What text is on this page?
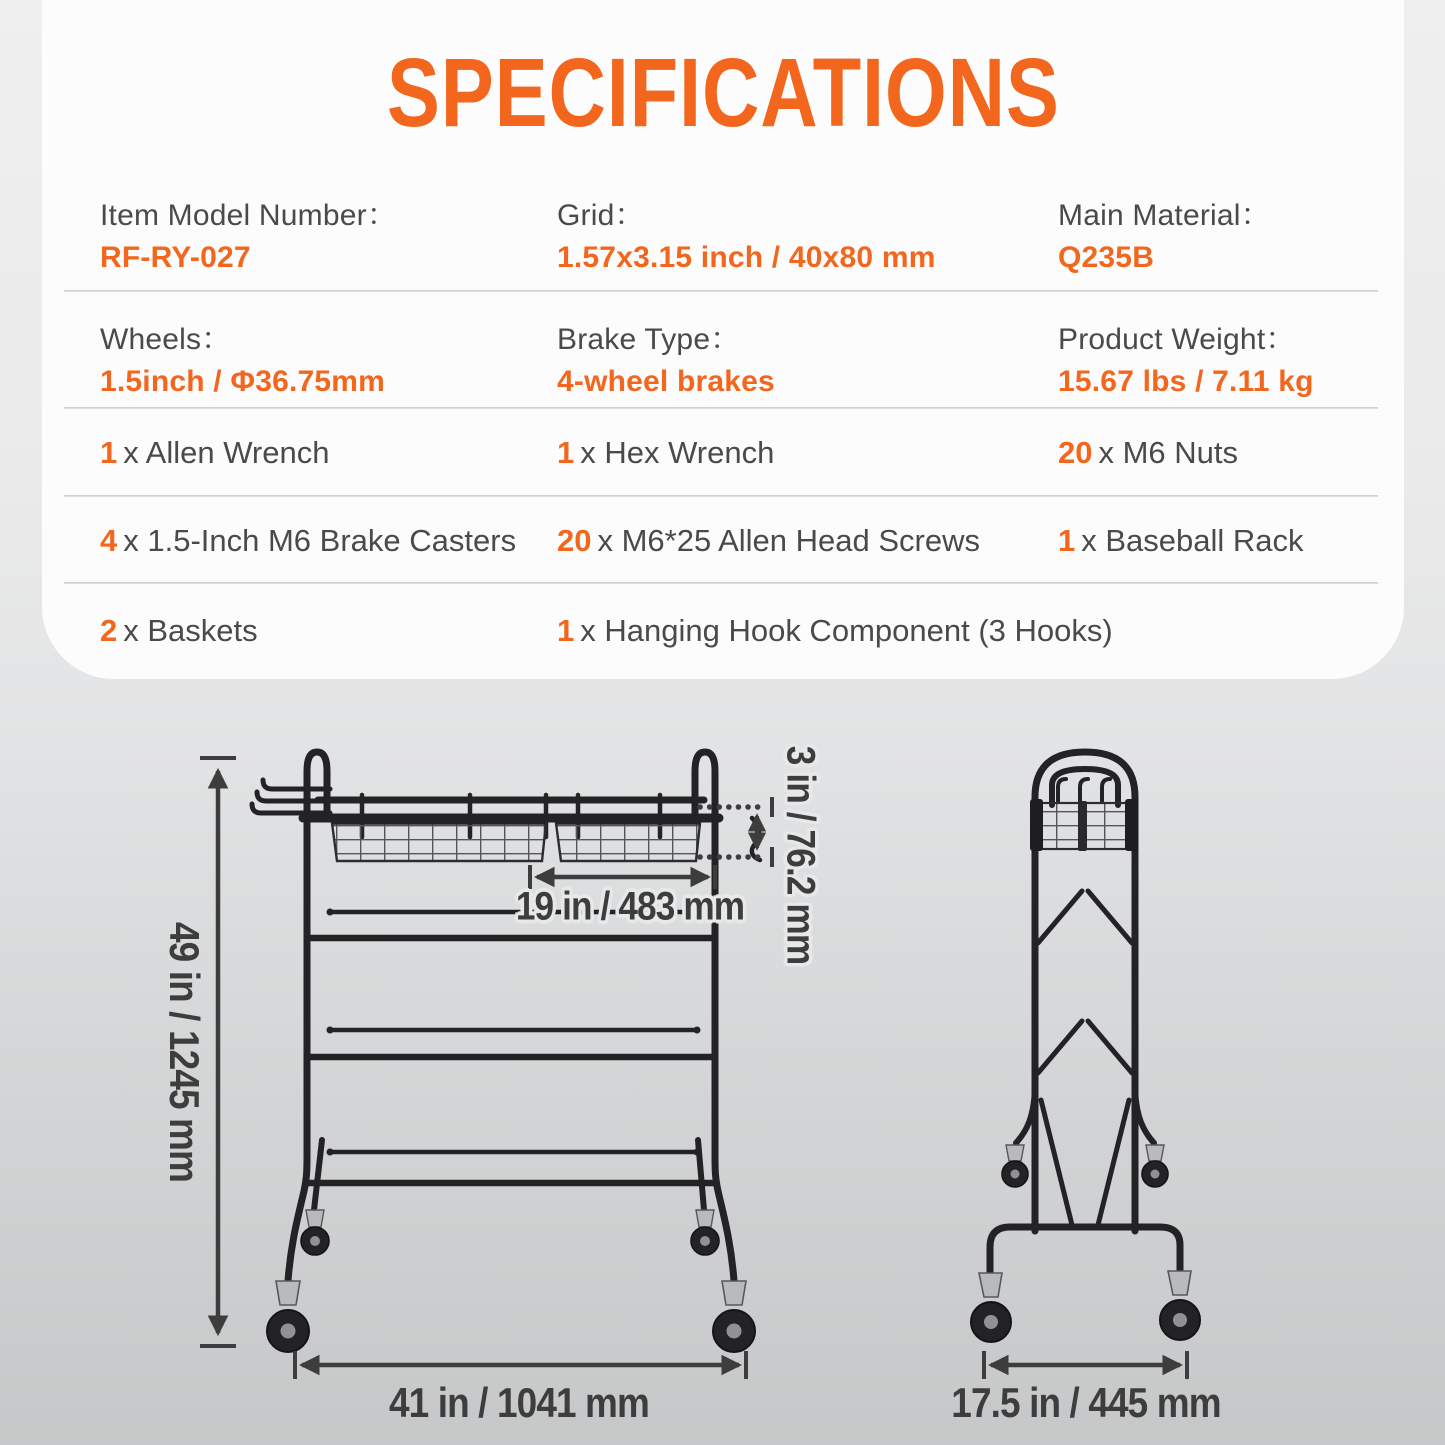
SPECIFICATIONS
Item Model Number：
RF-RY-027
Grid：
1.57x3.15 inch / 40x80 mm
Main Material：
Q235B
Wheels：
1.5inch / Φ36.75mm
Brake Type：
4-wheel brakes
Product Weight：
15.67 lbs / 7.11 kg
1 x Allen Wrench	1 x Hex Wrench	20 x M6 Nuts
4 x 1.5-Inch M6 Brake Casters	20 x M6*25 Allen Head Screws	1 x Baseball Rack
2 x Baskets	1 x Hanging Hook Component (3 Hooks)
49 in / 1245 mm
19 in / 483 mm 3 in / 76.2 mm
41 in / 1041 mm	17.5 in / 445 mm
